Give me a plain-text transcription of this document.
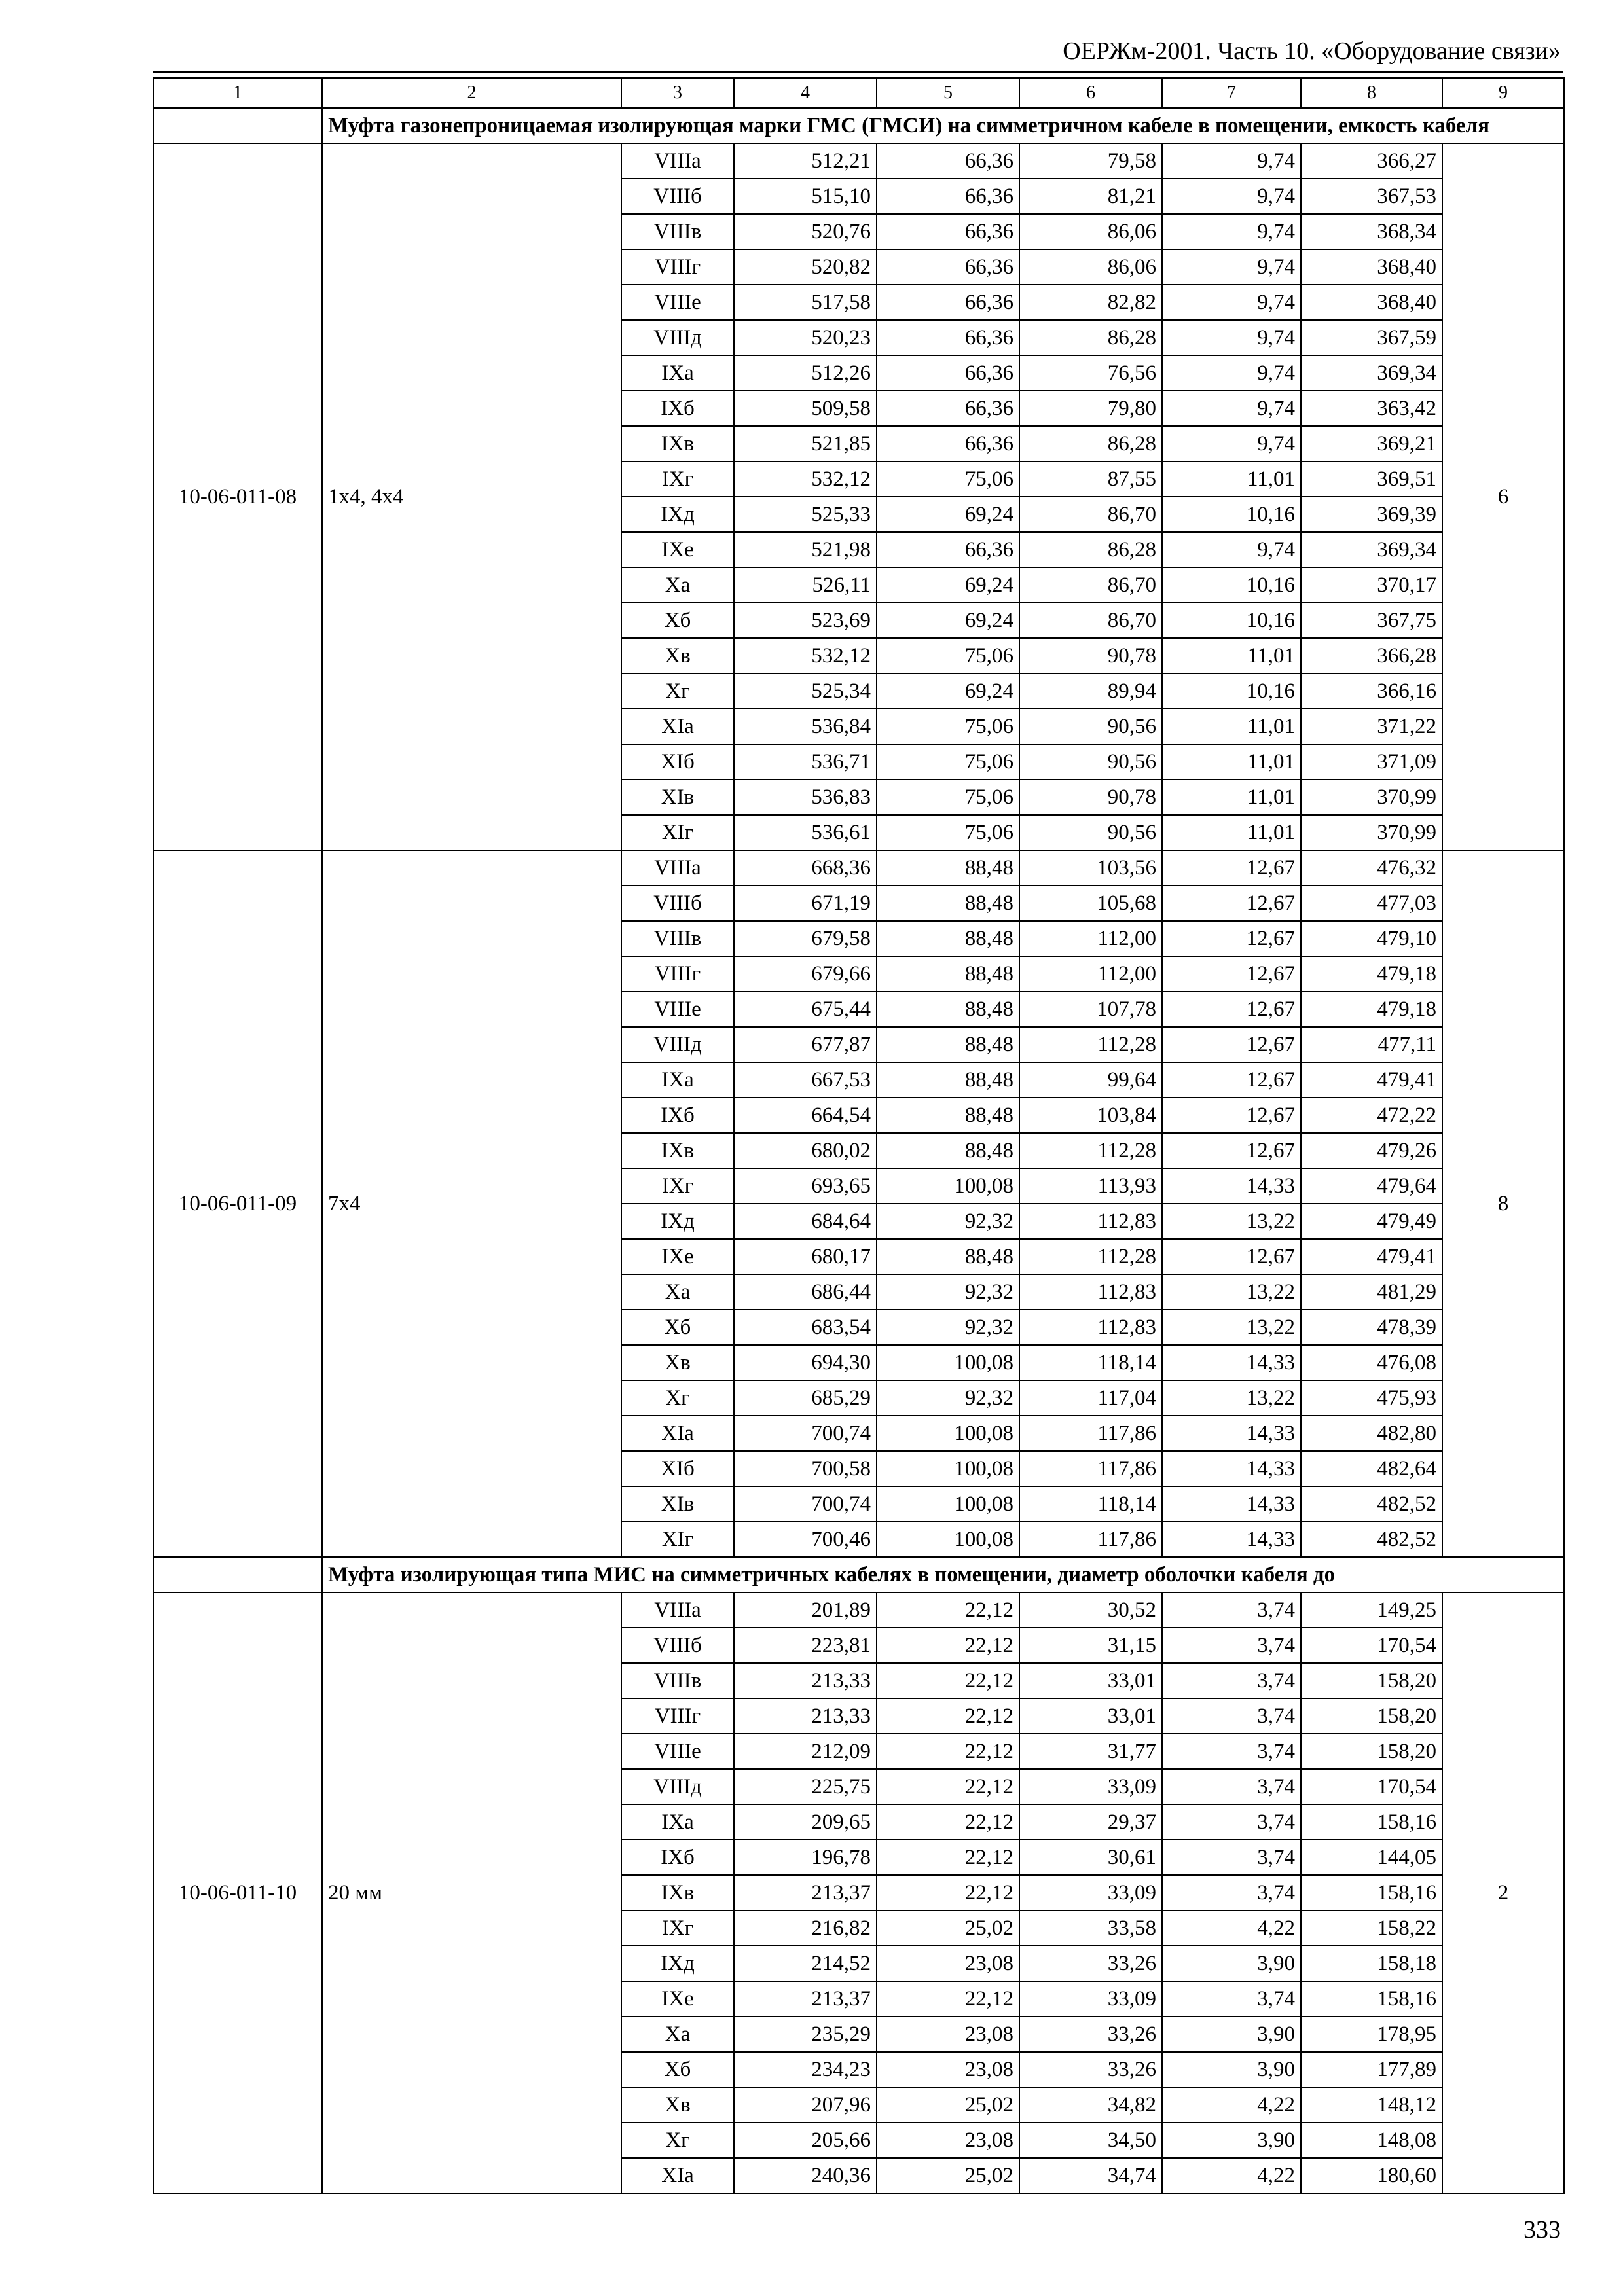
ОЕРЖм-2001. Часть 10. «Оборудование связи»
1	2	3	4	5	6	7	8	9
	Муфта газонепроницаемая изолирующая марки ГМС (ГМСИ) на симметричном кабеле в помещении, емкость кабеля							
10-06-011-08	1х4, 4х4	VIIIа	512,21	66,36	79,58	9,74	366,27	6
		VIIIб	515,10	66,36	81,21	9,74	367,53	
		VIIIв	520,76	66,36	86,06	9,74	368,34	
		VIIIг	520,82	66,36	86,06	9,74	368,40	
		VIIIе	517,58	66,36	82,82	9,74	368,40	
		VIIIд	520,23	66,36	86,28	9,74	367,59	
		IXа	512,26	66,36	76,56	9,74	369,34	
		IXб	509,58	66,36	79,80	9,74	363,42	
		IXв	521,85	66,36	86,28	9,74	369,21	
		IXг	532,12	75,06	87,55	11,01	369,51	
		IXд	525,33	69,24	86,70	10,16	369,39	
		IXе	521,98	66,36	86,28	9,74	369,34	
		Xа	526,11	69,24	86,70	10,16	370,17	
		Xб	523,69	69,24	86,70	10,16	367,75	
		Xв	532,12	75,06	90,78	11,01	366,28	
		Xг	525,34	69,24	89,94	10,16	366,16	
		XIа	536,84	75,06	90,56	11,01	371,22	
		XIб	536,71	75,06	90,56	11,01	371,09	
		XIв	536,83	75,06	90,78	11,01	370,99	
		XIг	536,61	75,06	90,56	11,01	370,99	
10-06-011-09	7х4	VIIIа	668,36	88,48	103,56	12,67	476,32	8
		VIIIб	671,19	88,48	105,68	12,67	477,03	
		VIIIв	679,58	88,48	112,00	12,67	479,10	
		VIIIг	679,66	88,48	112,00	12,67	479,18	
		VIIIе	675,44	88,48	107,78	12,67	479,18	
		VIIIд	677,87	88,48	112,28	12,67	477,11	
		IXа	667,53	88,48	99,64	12,67	479,41	
		IXб	664,54	88,48	103,84	12,67	472,22	
		IXв	680,02	88,48	112,28	12,67	479,26	
		IXг	693,65	100,08	113,93	14,33	479,64	
		IXд	684,64	92,32	112,83	13,22	479,49	
		IXе	680,17	88,48	112,28	12,67	479,41	
		Xа	686,44	92,32	112,83	13,22	481,29	
		Xб	683,54	92,32	112,83	13,22	478,39	
		Xв	694,30	100,08	118,14	14,33	476,08	
		Xг	685,29	92,32	117,04	13,22	475,93	
		XIа	700,74	100,08	117,86	14,33	482,80	
		XIб	700,58	100,08	117,86	14,33	482,64	
		XIв	700,74	100,08	118,14	14,33	482,52	
		XIг	700,46	100,08	117,86	14,33	482,52	
	Муфта изолирующая типа МИС на симметричных кабелях в помещении, диаметр оболочки кабеля до							
10-06-011-10	20 мм	VIIIа	201,89	22,12	30,52	3,74	149,25	2
		VIIIб	223,81	22,12	31,15	3,74	170,54	
		VIIIв	213,33	22,12	33,01	3,74	158,20	
		VIIIг	213,33	22,12	33,01	3,74	158,20	
		VIIIе	212,09	22,12	31,77	3,74	158,20	
		VIIIд	225,75	22,12	33,09	3,74	170,54	
		IXа	209,65	22,12	29,37	3,74	158,16	
		IXб	196,78	22,12	30,61	3,74	144,05	
		IXв	213,37	22,12	33,09	3,74	158,16	
		IXг	216,82	25,02	33,58	4,22	158,22	
		IXд	214,52	23,08	33,26	3,90	158,18	
		IXе	213,37	22,12	33,09	3,74	158,16	
		Xа	235,29	23,08	33,26	3,90	178,95	
		Xб	234,23	23,08	33,26	3,90	177,89	
		Xв	207,96	25,02	34,82	4,22	148,12	
		Xг	205,66	23,08	34,50	3,90	148,08	
		XIа	240,36	25,02	34,74	4,22	180,60	
333
